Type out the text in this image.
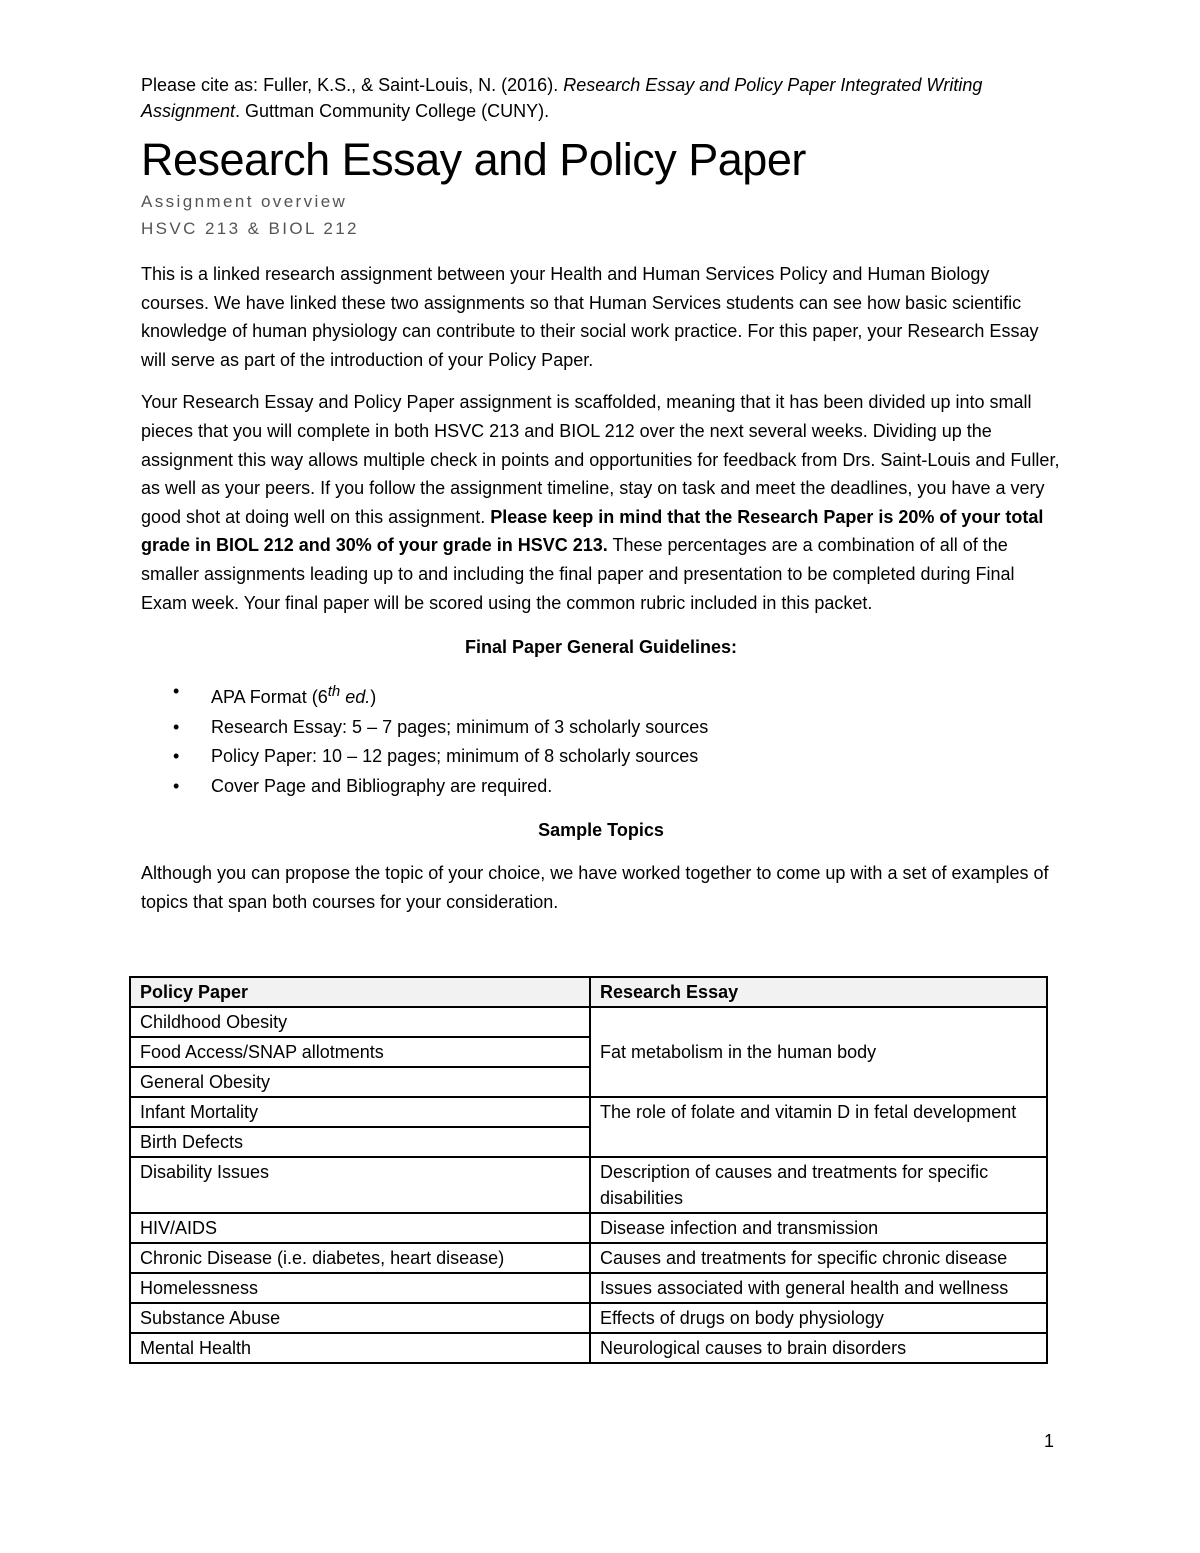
Please cite as: Fuller, K.S., & Saint-Louis, N. (2016). Research Essay and Policy Paper Integrated Writing Assignment. Guttman Community College (CUNY).

Research Essay and Policy Paper

Assignment overview

HSVC 213 & BIOL 212

This is a linked research assignment between your Health and Human Services Policy and Human Biology courses. We have linked these two assignments so that Human Services students can see how basic scientific knowledge of human physiology can contribute to their social work practice. For this paper, your Research Essay will serve as part of the introduction of your Policy Paper.

Your Research Essay and Policy Paper assignment is scaffolded, meaning that it has been divided up into small pieces that you will complete in both HSVC 213 and BIOL 212 over the next several weeks. Dividing up the assignment this way allows multiple check in points and opportunities for feedback from Drs. Saint-Louis and Fuller, as well as your peers. If you follow the assignment timeline, stay on task and meet the deadlines, you have a very good shot at doing well on this assignment. Please keep in mind that the Research Paper is 20% of your total grade in BIOL 212 and 30% of your grade in HSVC 213. These percentages are a combination of all of the smaller assignments leading up to and including the final paper and presentation to be completed during Final Exam week. Your final paper will be scored using the common rubric included in this packet.

Final Paper General Guidelines:

• APA Format (6th ed.)
• Research Essay: 5 – 7 pages; minimum of 3 scholarly sources
• Policy Paper: 10 – 12 pages; minimum of 8 scholarly sources
• Cover Page and Bibliography are required.

Sample Topics

Although you can propose the topic of your choice, we have worked together to come up with a set of examples of topics that span both courses for your consideration.

Policy Paper	Research Essay
Childhood Obesity	Fat metabolism in the human body
Food Access/SNAP allotments	
General Obesity	
Infant Mortality	The role of folate and vitamin D in fetal development
Birth Defects	
Disability Issues	Description of causes and treatments for specific disabilities
HIV/AIDS	Disease infection and transmission
Chronic Disease (i.e. diabetes, heart disease)	Causes and treatments for specific chronic disease
Homelessness	Issues associated with general health and wellness
Substance Abuse	Effects of drugs on body physiology
Mental Health	Neurological causes to brain disorders
1
